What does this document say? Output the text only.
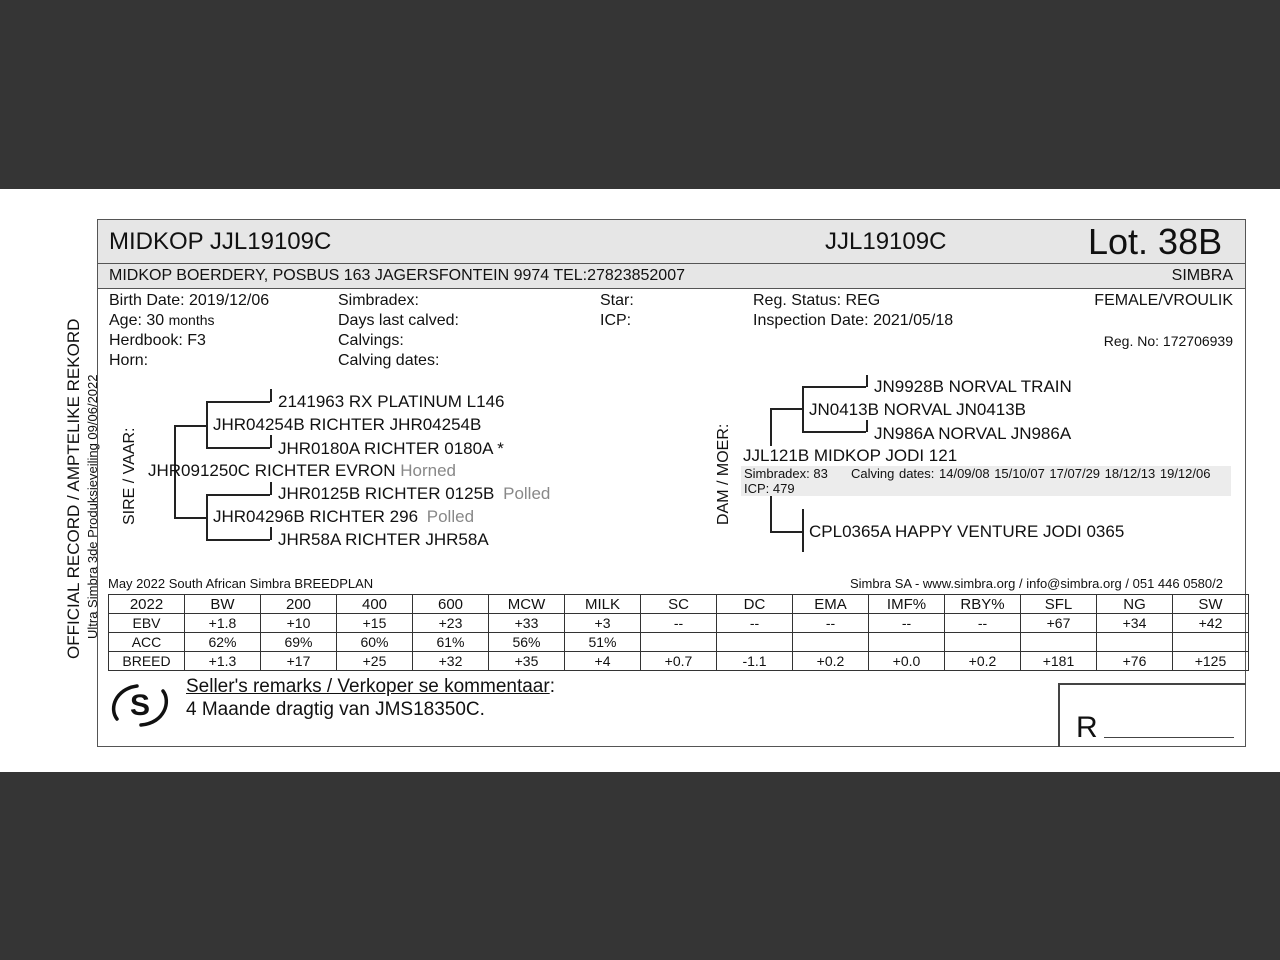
OFFICIAL RECORD / AMPTELIKE REKORD Ultra Simbra 3de Produksieveiling 09/06/2022
MIDKOP JJL19109C	JJL19109C	Lot. 38B
MIDKOP BOERDERY, POSBUS 163 JAGERSFONTEIN 9974 TEL:27823852007	SIMBRA
Birth Date: 2019/12/06
Age: 30 months
Herdbook: F3
Horn:
Simbradex:
Days last calved:
Calvings:
Calving dates:
Star:
ICP:
Reg. Status: REG
Inspection Date: 2021/05/18
FEMALE/VROULIK
Reg. No: 172706939
SIRE / VAAR:
2141963 RX PLATINUM L146
JHR04254B RICHTER JHR04254B
JHR0180A RICHTER 0180A *
JHR091250C RICHTER EVRON Horned
JHR0125B RICHTER 0125B Polled
JHR04296B RICHTER 296 Polled
JHR58A RICHTER JHR58A
DAM / MOER:
JN9928B NORVAL TRAIN
JN0413B NORVAL JN0413B
JN986A NORVAL JN986A
JJL121B MIDKOP JODI 121
Simbradex: 83 Calving dates: 14/09/08 15/10/07 17/07/29 18/12/13 19/12/06
ICP: 479
CPL0365A HAPPY VENTURE JODI 0365
May 2022 South African Simbra BREEDPLAN	Simbra SA - www.simbra.org / info@simbra.org / 051 446 0580/2
2022	BW	200	400	600	MCW	MILK	SC	DC	EMA	IMF%	RBY%	SFL	NG	SW
EBV	+1.8	+10	+15	+23	+33	+3	--	--	--	--	--	+67	+34	+42
ACC	62%	69%	60%	61%	56%	51%								
BREED	+1.3	+17	+25	+32	+35	+4	+0.7	-1.1	+0.2	+0.0	+0.2	+181	+76	+125
S
Seller's remarks / Verkoper se kommentaar:
4 Maande dragtig van JMS18350C.
R
